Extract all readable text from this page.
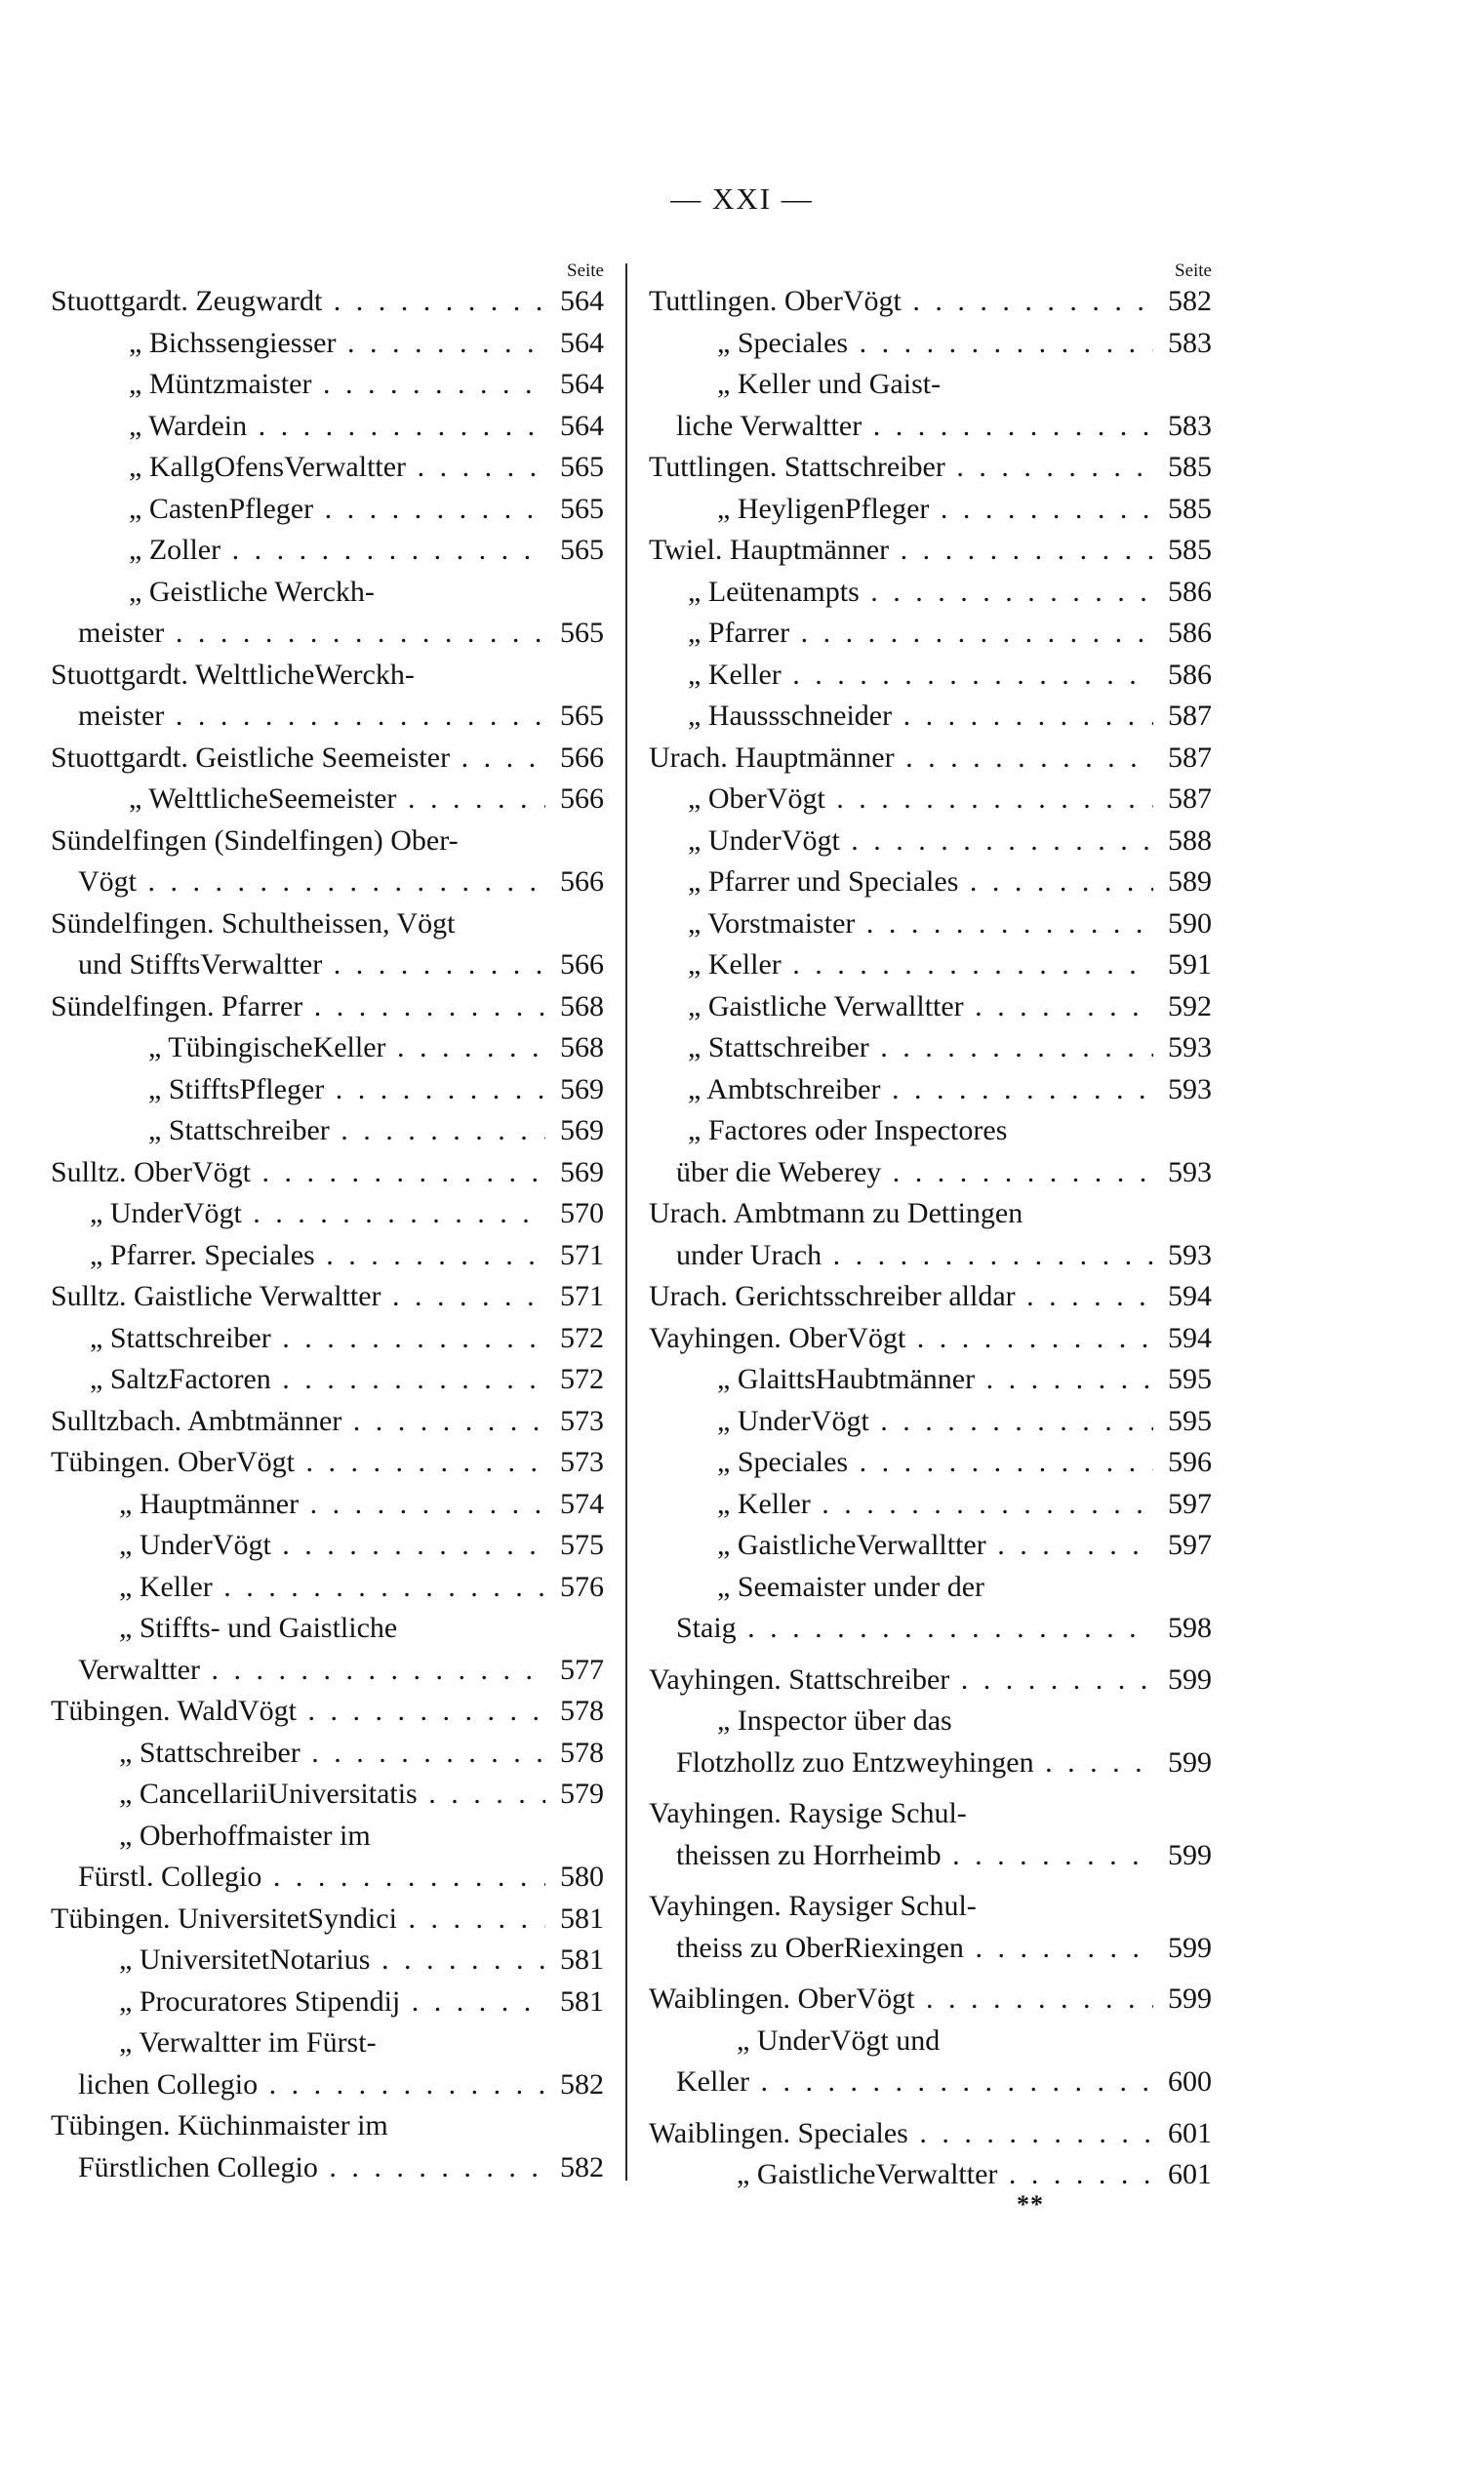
— XXI —
Seite
Stuottgardt. Zeugwardt . . .	564
„ Bichssengiesser . . .	564
„ Müntzmaister . . .	564
„ Wardein . . .	564
„ KallgOfensVerwaltter . . .	565
„ CastenPfleger . . .	565
„ Zoller . . .	565
„ Geistliche Werckh-
meister . . .	565
Stuottgardt. WelttlicheWerckh-
meister . . .	565
Stuottgardt. Geistliche Seemeister . . .	566
„ WelttlicheSeemeister . . .	566
Sündelfingen (Sindelfingen) Ober-
Vögt . . .	566
Sündelfingen. Schultheissen, Vögt
und StifftsVerwaltter . . .	566
Sündelfingen. Pfarrer . . .	568
„ TübingischeKeller . . .	568
„ StifftsPfleger . . .	569
„ Stattschreiber . . .	569
Sulltz. OberVögt . . .	569
„ UnderVögt . . .	570
„ Pfarrer. Speciales . . .	571
Sulltz. Gaistliche Verwaltter . . .	571
„ Stattschreiber . . .	572
„ SaltzFactoren . . .	572
Sulltzbach. Ambtmänner . . .	573
Tübingen. OberVögt . . .	573
„ Hauptmänner . . .	574
„ UnderVögt . . .	575
„ Keller . . .	576
„ Stiffts- und Gaistliche
Verwaltter . . .	577
Tübingen. WaldVögt . . .	578
„ Stattschreiber . . .	578
„ CancellariiUniversitatis . . .	579
„ Oberhoffmaister im
Fürstl. Collegio . . .	580
Tübingen. UniversitetSyndici . . .	581
„ UniversitetNotarius . . .	581
„ Procuratores Stipendij . . .	581
„ Verwaltter im Fürst-
lichen Collegio . . .	582
Tübingen. Küchinmaister im
Fürstlichen Collegio . . .	582
Seite
Tuttlingen. OberVögt . . .	582
„ Speciales . . .	583
„ Keller und Gaist-
liche Verwaltter . . .	583
Tuttlingen. Stattschreiber . . .	585
„ HeyligenPfleger . . .	585
Twiel. Hauptmänner . . .	585
„ Leütenampts . . .	586
„ Pfarrer . . .	586
„ Keller . . .	586
„ Haussschneider . . .	587
Urach. Hauptmänner . . .	587
„ OberVögt . . .	587
„ UnderVögt . . .	588
„ Pfarrer und Speciales . . .	589
„ Vorstmaister . . .	590
„ Keller . . .	591
„ Gaistliche Verwalltter . . .	592
„ Stattschreiber . . .	593
„ Ambtschreiber . . .	593
„ Factores oder Inspectores
über die Weberey . . .	593
Urach. Ambtmann zu Dettingen
under Urach . . .	593
Urach. Gerichtsschreiber alldar . . .	594
Vayhingen. OberVögt . . .	594
„ GlaittsHaubtmänner . . .	595
„ UnderVögt . . .	595
„ Speciales . . .	596
„ Keller . . .	597
„ GaistlicheVerwalltter . . .	597
„ Seemaister under der
Staig . . .	598
Vayhingen. Stattschreiber . . .	599
„ Inspector über das
Flotzhollz zuo Entzweyhingen . . .	599
Vayhingen. Raysige Schul-
theissen zu Horrheimb . . .	599
Vayhingen. Raysiger Schul-
theiss zu OberRiexingen . . .	599
Waiblingen. OberVögt . . .	599
„ UnderVögt und
Keller . . .	600
Waiblingen. Speciales . . .	601
„ GaistlicheVerwaltter . . .	601
**
